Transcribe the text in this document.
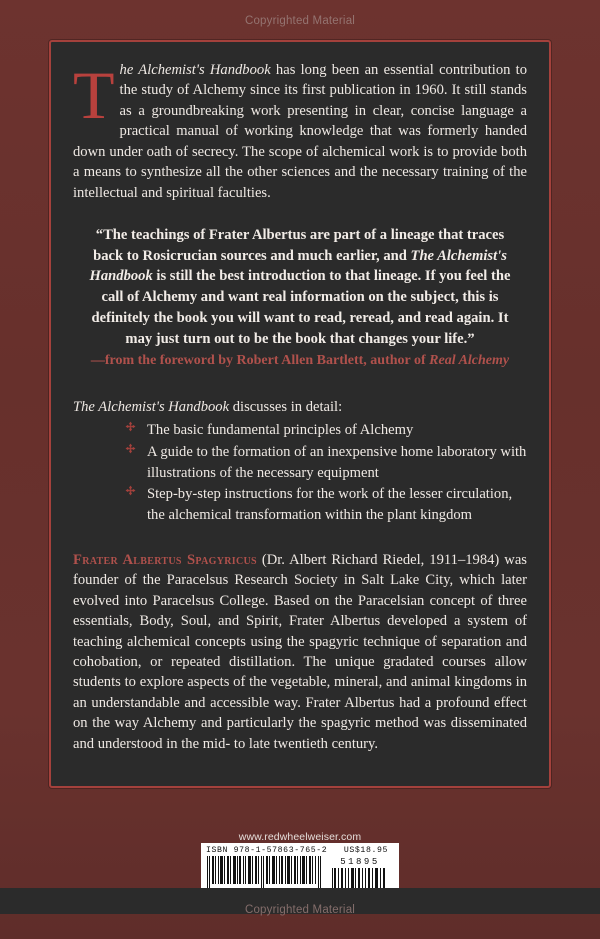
Copyrighted Material

The Alchemist's Handbook has long been an essential contribution to the study of Alchemy since its first publication in 1960. It still stands as a groundbreaking work presenting in clear, concise language a practical manual of working knowledge that was formerly handed down under oath of secrecy. The scope of alchemical work is to provide both a means to synthesize all the other sciences and the necessary training of the intellectual and spiritual faculties.

“The teachings of Frater Albertus are part of a lineage that traces back to Rosicrucian sources and much earlier, and The Alchemist's Handbook is still the best introduction to that lineage. If you feel the call of Alchemy and want real information on the subject, this is definitely the book you will want to read, reread, and read again. It may just turn out to be the book that changes your life.”
—from the foreword by Robert Allen Bartlett, author of Real Alchemy
The Alchemist's Handbook discusses in detail:
The basic fundamental principles of Alchemy
A guide to the formation of an inexpensive home laboratory with illustrations of the necessary equipment
Step-by-step instructions for the work of the lesser circulation, the alchemical transformation within the plant kingdom

Frater Albertus Spagyricus (Dr. Albert Richard Riedel, 1911–1984) was founder of the Paracelsus Research Society in Salt Lake City, which later evolved into Paracelsus College. Based on the Paracelsian concept of three essentials, Body, Soul, and Spirit, Frater Albertus developed a system of teaching alchemical concepts using the spagyric technique of separation and cohobation, or repeated distillation. The unique gradated courses allow students to explore aspects of the vegetable, mineral, and animal kingdoms in an understandable and accessible way. Frater Albertus had a profound effect on the way Alchemy and particularly the spagyric method was disseminated and understood in the mid- to late twentieth century.

www.redwheelweiser.com
ISBN 978-1-57863-765-2	US$18.95
51895
Copyrighted Material
